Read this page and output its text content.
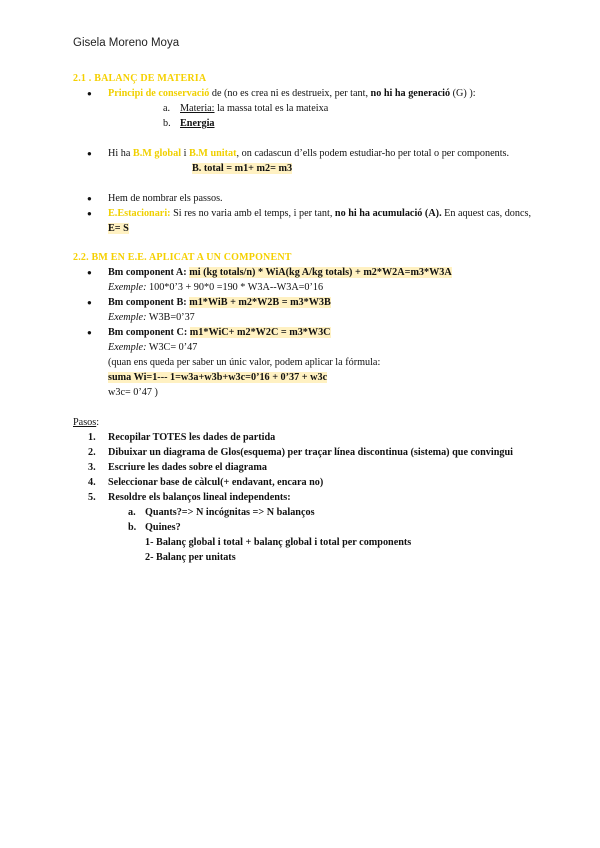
Gisela Moreno Moya
2.1 . BALANÇ DE MATERIA
● Principi de conservació de (no es crea ni es destrueix, per tant, no hi ha generació (G) ):
a. Materia: la massa total es la mateixa
b. Energia
● Hi ha B.M global i B.M unitat, on cadascun d’ells podem estudiar-ho per total o per components.B. total = m1+ m2= m3
● Hem de nombrar els passos.
● E.Estacionari: Si res no varia amb el temps, i per tant, no hi ha acumulació (A). En aquest cas, doncs, E= S
2.2. BM EN E.E. APLICAT A UN COMPONENT
● Bm component A: mi (kg totals/n) * WiA(kg A/kg totals) + m2*W2A=m3*W3A
Exemple: 100*0’3 + 90*0 =190 * W3A--W3A=0’16
● Bm component B: m1*WiB + m2*W2B = m3*W3B
Exemple: W3B=0’37
● Bm component C: m1*WiC+ m2*W2C = m3*W3C
Exemple: W3C= 0’47
(quan ens queda per saber un únic valor, podem aplicar la fórmula:
suma Wi=1--- 1=w3a+w3b+w3c=0’16 + 0’37 + w3c
w3c= 0’47 )
Pasos:
1. Recopilar TOTES les dades de partida
2. Dibuixar un diagrama de Glos(esquema) per traçar línea discontinua (sistema) que convingui
3. Escriure les dades sobre el diagrama
4. Seleccionar base de càlcul(+ endavant, encara no)
5. Resoldre els balanços lineal independents:
a. Quants?=> N incógnitas => N balanços
b. Quines?
1- Balanç global i total + balanç global i total per components
2- Balanç per unitats
